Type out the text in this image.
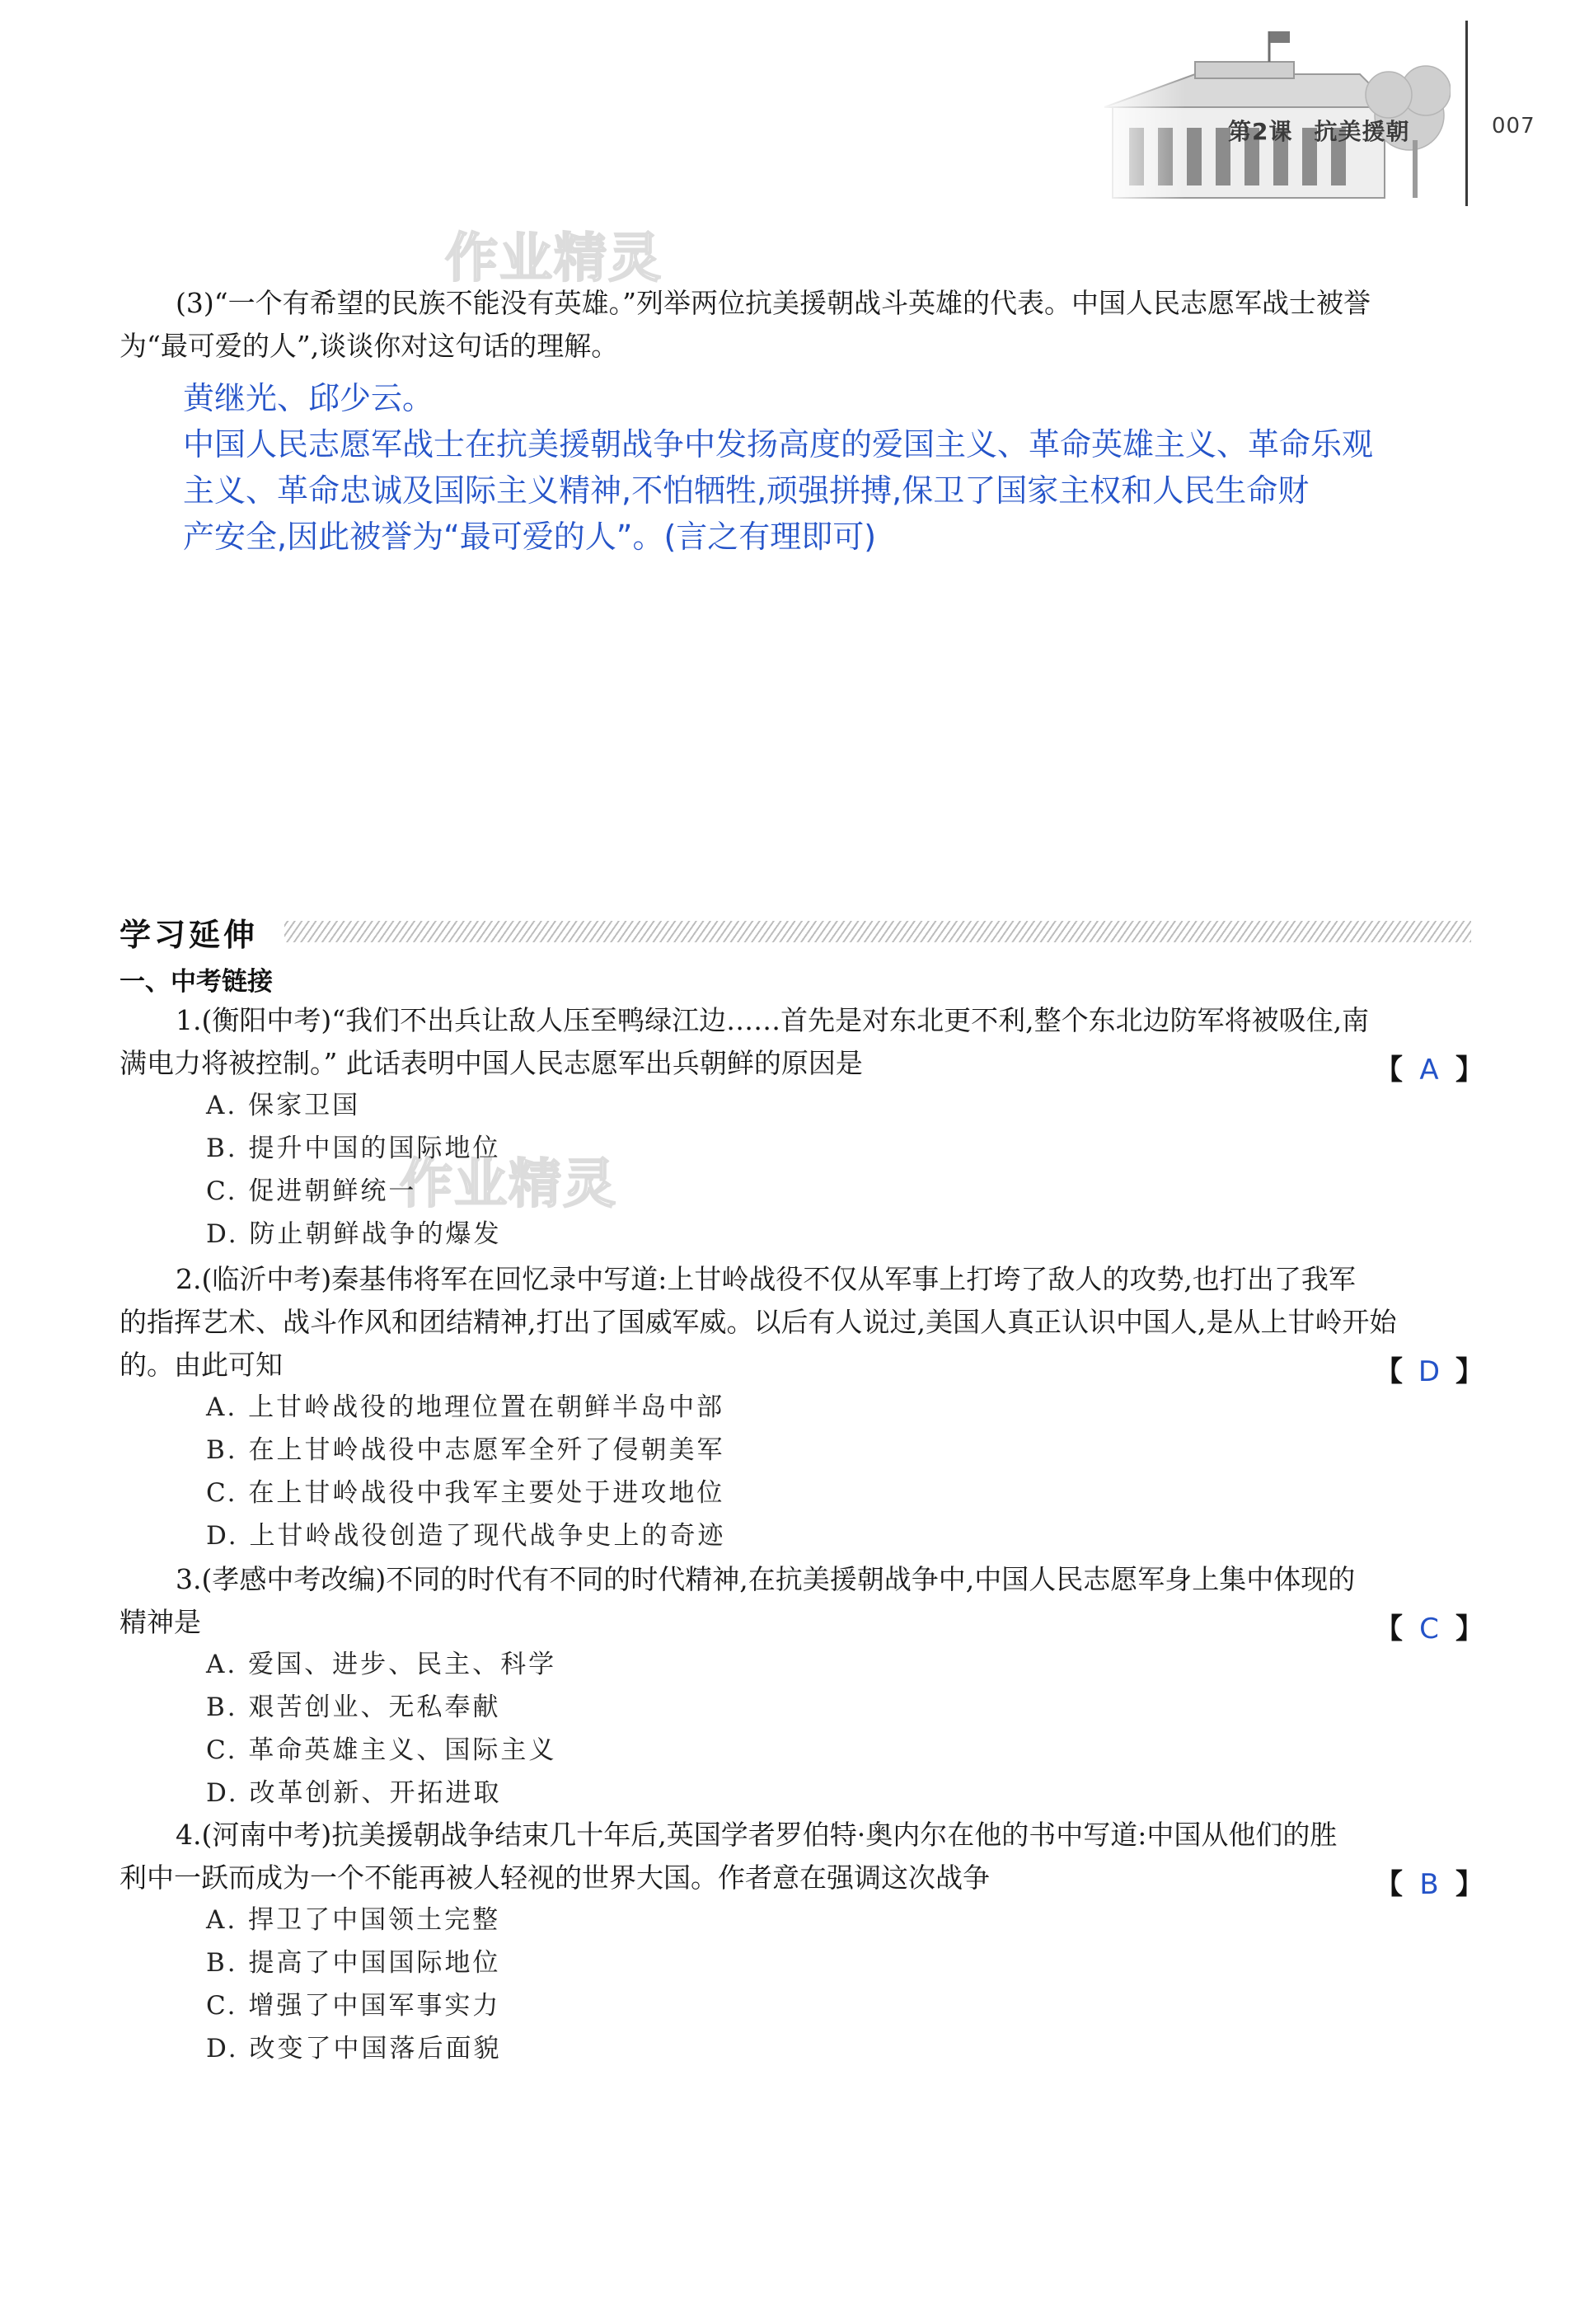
第2课 抗美援朝	007
作业精灵
作业精灵
(3)“一个有希望的民族不能没有英雄。”列举两位抗美援朝战斗英雄的代表。中国人民志愿军战士被誉
为“最可爱的人”,谈谈你对这句话的理解。
黄继光、邱少云。
中国人民志愿军战士在抗美援朝战争中发扬高度的爱国主义、革命英雄主义、革命乐观
主义、革命忠诚及国际主义精神,不怕牺牲,顽强拼搏,保卫了国家主权和人民生命财
产安全,因此被誉为“最可爱的人”。(言之有理即可)
学习延伸
一、中考链接
1.(衡阳中考)“我们不出兵让敌人压至鸭绿江边……首先是对东北更不利,整个东北边防军将被吸住,南
满电力将被控制。” 此话表明中国人民志愿军出兵朝鲜的原因是	【 A 】
A. 保家卫国
B. 提升中国的国际地位
C. 促进朝鲜统一
D. 防止朝鲜战争的爆发
2.(临沂中考)秦基伟将军在回忆录中写道:上甘岭战役不仅从军事上打垮了敌人的攻势,也打出了我军
的指挥艺术、战斗作风和团结精神,打出了国威军威。以后有人说过,美国人真正认识中国人,是从上甘岭开始
的。由此可知	【 D 】
A. 上甘岭战役的地理位置在朝鲜半岛中部
B. 在上甘岭战役中志愿军全歼了侵朝美军
C. 在上甘岭战役中我军主要处于进攻地位
D. 上甘岭战役创造了现代战争史上的奇迹
3.(孝感中考改编)不同的时代有不同的时代精神,在抗美援朝战争中,中国人民志愿军身上集中体现的
精神是	【 C 】
A. 爱国、进步、民主、科学
B. 艰苦创业、无私奉献
C. 革命英雄主义、国际主义
D. 改革创新、开拓进取
4.(河南中考)抗美援朝战争结束几十年后,英国学者罗伯特·奥内尔在他的书中写道:中国从他们的胜
利中一跃而成为一个不能再被人轻视的世界大国。作者意在强调这次战争	【 B 】
A. 捍卫了中国领土完整
B. 提高了中国国际地位
C. 增强了中国军事实力
D. 改变了中国落后面貌
